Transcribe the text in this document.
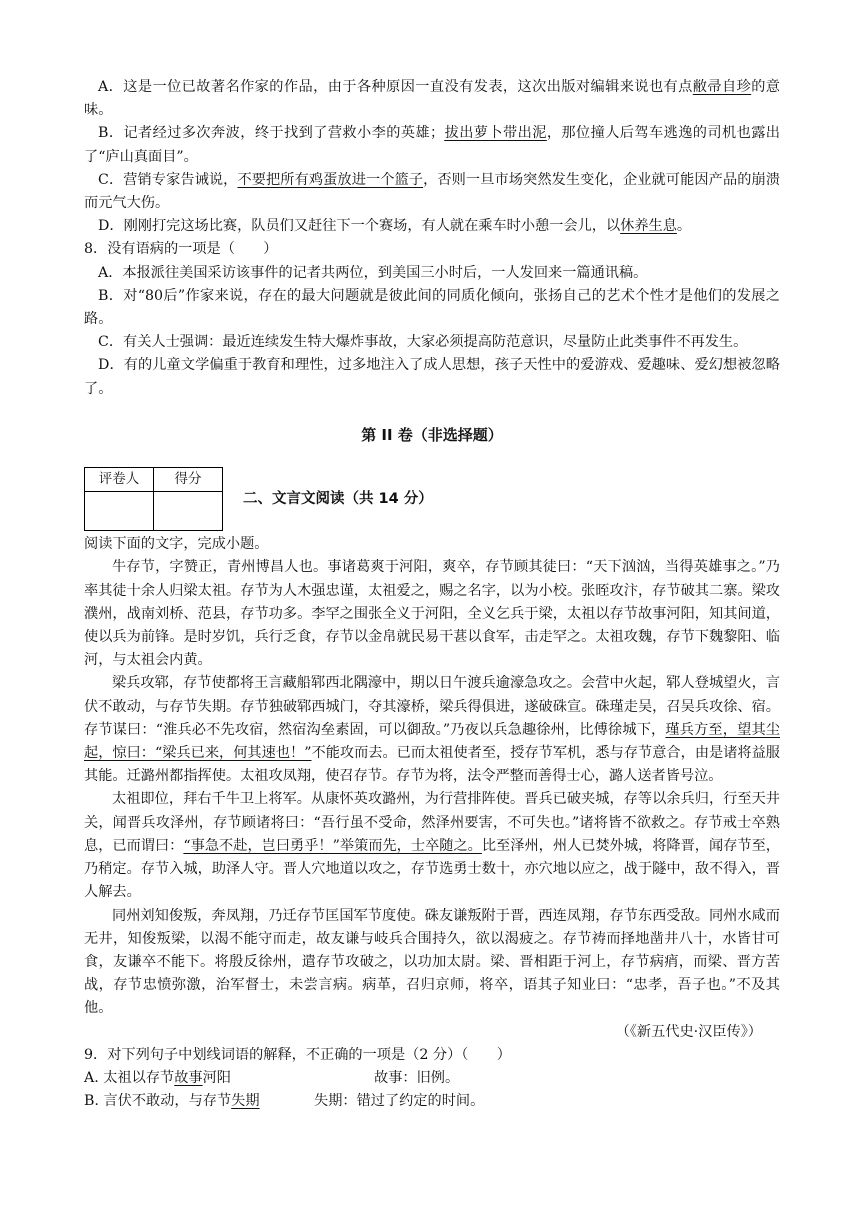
A．这是一位已故著名作家的作品，由于各种原因一直没有发表，这次出版对编辑来说也有点敝帚自珍的意味。

B．记者经过多次奔波，终于找到了营救小李的英雄；拔出萝卜带出泥，那位撞人后驾车逃逸的司机也露出了“庐山真面目”。

C．营销专家告诫说，不要把所有鸡蛋放进一个篮子，否则一旦市场突然发生变化，企业就可能因产品的崩溃而元气大伤。

D．刚刚打完这场比赛，队员们又赶往下一个赛场，有人就在乘车时小憩一会儿，以休养生息。

8．没有语病的一项是（　　）

A．本报派往美国采访该事件的记者共两位，到美国三小时后，一人发回来一篇通讯稿。

B．对“80后”作家来说，存在的最大问题就是彼此间的同质化倾向，张扬自己的艺术个性才是他们的发展之路。

C．有关人士强调：最近连续发生特大爆炸事故，大家必须提高防范意识，尽量防止此类事件不再发生。

D．有的儿童文学偏重于教育和理性，过多地注入了成人思想，孩子天性中的爱游戏、爱趣味、爱幻想被忽略了。

第 II 卷（非选择题）
评卷人	得分

二、文言文阅读（共 14 分）

阅读下面的文字，完成小题。

牛存节，字赞正，青州博昌人也。事诸葛爽于河阳，爽卒，存节顾其徒曰：“天下汹汹，当得英雄事之。”乃率其徒十余人归梁太祖。存节为人木强忠谨，太祖爱之，赐之名字，以为小校。张晊攻汴，存节破其二寨。梁攻濮州，战南刘桥、范县，存节功多。李罕之围张全义于河阳，全义乞兵于梁，太祖以存节故事河阳，知其间道，使以兵为前锋。是时岁饥，兵行乏食，存节以金帛就民易干葚以食军，击走罕之。太祖攻魏，存节下魏黎阳、临河，与太祖会内黄。

梁兵攻郓，存节使都将王言藏船郓西北隅濠中，期以日午渡兵逾濠急攻之。会营中火起，郓人登城望火，言伏不敢动，与存节失期。存节独破郓西城门，夺其濠桥，梁兵得俱进，遂破硃宣。硃瑾走吴，召吴兵攻徐、宿。存节谋曰：“淮兵必不先攻宿，然宿沟垒素固，可以御敌。”乃夜以兵急趣徐州，比傅徐城下，瑾兵方至，望其尘起，惊曰：“梁兵已来，何其速也！”不能攻而去。已而太祖使者至，授存节军机，悉与存节意合，由是诸将益服其能。迁潞州都指挥使。太祖攻凤翔，使召存节。存节为将，法令严整而善得士心，潞人送者皆号泣。

太祖即位，拜右千牛卫上将军。从康怀英攻潞州，为行营排阵使。晋兵已破夹城，存等以余兵归，行至天井关，闻晋兵攻泽州，存节顾诸将曰：“吾行虽不受命，然泽州要害，不可失也。”诸将皆不欲救之。存节戒士卒熟息，已而谓曰：“事急不赴，岂曰勇乎！”举策而先，士卒随之。比至泽州，州人已焚外城，将降晋，闻存节至，乃稍定。存节入城，助泽人守。晋人穴地道以攻之，存节选勇士数十，亦穴地以应之，战于隧中，敌不得入，晋人解去。

同州刘知俊叛，奔凤翔，乃迁存节匡国军节度使。硃友谦叛附于晋，西连凤翔，存节东西受敌。同州水咸而无井，知俊叛梁，以渴不能守而走，故友谦与岐兵合围持久，欲以渴疲之。存节祷而择地凿井八十，水皆甘可食，友谦卒不能下。将殷反徐州，遣存节攻破之，以功加太尉。梁、晋相距于河上，存节病痟，而梁、晋方苦战，存节忠愤弥激，治军督士，未尝言病。病革，召归京师，将卒，语其子知业曰：“忠孝，吾子也。”不及其他。

（《新五代史·汉臣传》）

9．对下列句子中划线词语的解释，不正确的一项是（2 分）（　　）

A. 太祖以存节故事河阳	故事：旧例。
B. 言伏不敢动，与存节失期	失期：错过了约定的时间。
